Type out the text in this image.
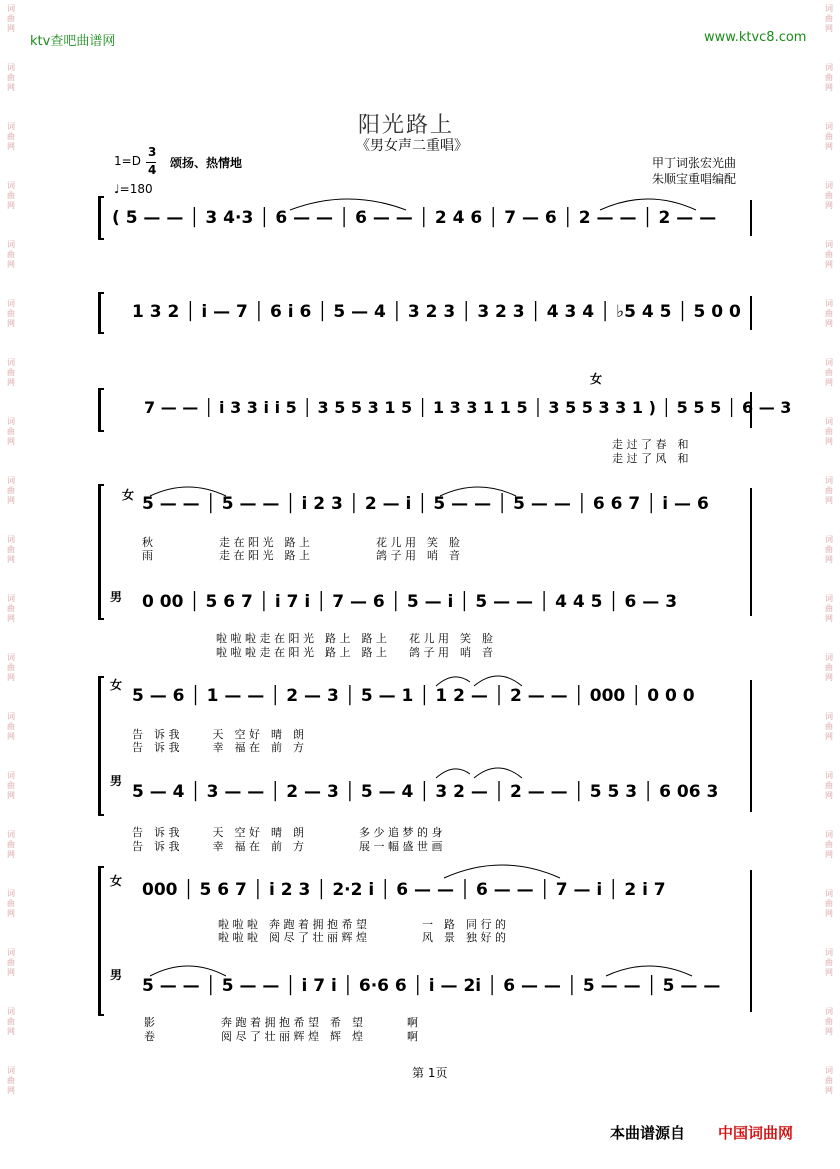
词
曲
网
词
曲
网
词
曲
网
词
曲
网
词
曲
网
词
曲
网
词
曲
网
词
曲
网
词
曲
网
词
曲
网
词
曲
网
词
曲
网
词
曲
网
词
曲
网
词
曲
网
词
曲
网
词
曲
网
词
曲
网
词
曲
网
词
曲
网
词
曲
网
词
曲
网
词
曲
网
词
曲
网
词
曲
网
词
曲
网
词
曲
网
词
曲
网
词
曲
网
词
曲
网
词
曲
网
词
曲
网
词
曲
网
词
曲
网
词
曲
网
词
曲
网
词
曲
网
词
曲
网
ktv查吧曲谱网	www.ktvc8.com
阳光路上
《男女声二重唱》
1=D
3
4 颂扬、热情地
♩=180
甲丁词张宏光曲
朱顺宝重唱编配
( 5 — — │ 3 4·3 │ 6 — — │ 6 — — │ 2 4 6 │ 7 — 6 │ 2 — — │ 2 — —
1 3 2 │ i — 7 │ 6 i 6 │ 5 — 4 │ 3 2 3 │ 3 2 3 │ 4 3 4 │ ♭5 4 5 │ 5 0 0
女
7 — — │ i 3 3 i i 5 │ 3 5 5 3 1 5 │ 1 3 3 1 1 5 │ 3 5 5 3 3 1 ) │ 5 5 5 │ 6 — 3
走 过 了 春　和
走 过 了 风　和
女 5 — — │ 5 — — │ i 2 3 │ 2 — i │ 5 — — │ 5 — — │ 6 6 7 │ i — 6
秋　　　　　　走 在 阳 光　路 上　　　　　　花 儿 用　笑　脸
雨　　　　　　走 在 阳 光　路 上　　　　　　鸽 子 用　哨　音
男 0 00 │ 5 6 7 │ i 7 i │ 7 — 6 │ 5 — i │ 5 — — │ 4 4 5 │ 6 — 3
啦 啦 啦 走 在 阳 光　路 上　路 上　　花 儿 用　笑　脸
啦 啦 啦 走 在 阳 光　路 上　路 上　　鸽 子 用　哨　音
女
5 — 6 │ 1 — — │ 2 — 3 │ 5 — 1 │ 1 2 — │ 2 — — │ 000 │ 0 0 0
告　诉 我　　　天　空 好　晴　朗
告　诉 我　　　幸　福 在　前　方
男
5 — 4 │ 3 — — │ 2 — 3 │ 5 — 4 │ 3 2 — │ 2 — — │ 5 5 3 │ 6 06 3
告　诉 我　　　天　空 好　晴　朗　　　　　多 少 追 梦 的 身
告　诉 我　　　幸　福 在　前　方　　　　　展 一 幅 盛 世 画
女 000 │ 5 6 7 │ i 2 3 │ 2·2 i │ 6 — — │ 6 — — │ 7 — i │ 2 i 7
啦 啦 啦　奔 跑 着 拥 抱 希 望　　　　　一　路　同 行 的
啦 啦 啦　阅 尽 了 壮 丽 辉 煌　　　　　风　景　独 好 的
男
5 — — │ 5 — — │ i 7 i │ 6·6 6 │ i — 2i │ 6 — — │ 5 — — │ 5 — —
影　　　　　　奔 跑 着 拥 抱 希 望　希　望　　　　啊
卷　　　　　　阅 尽 了 壮 丽 辉 煌　辉　煌　　　　啊
第 1页
本曲谱源自 中国词曲网
